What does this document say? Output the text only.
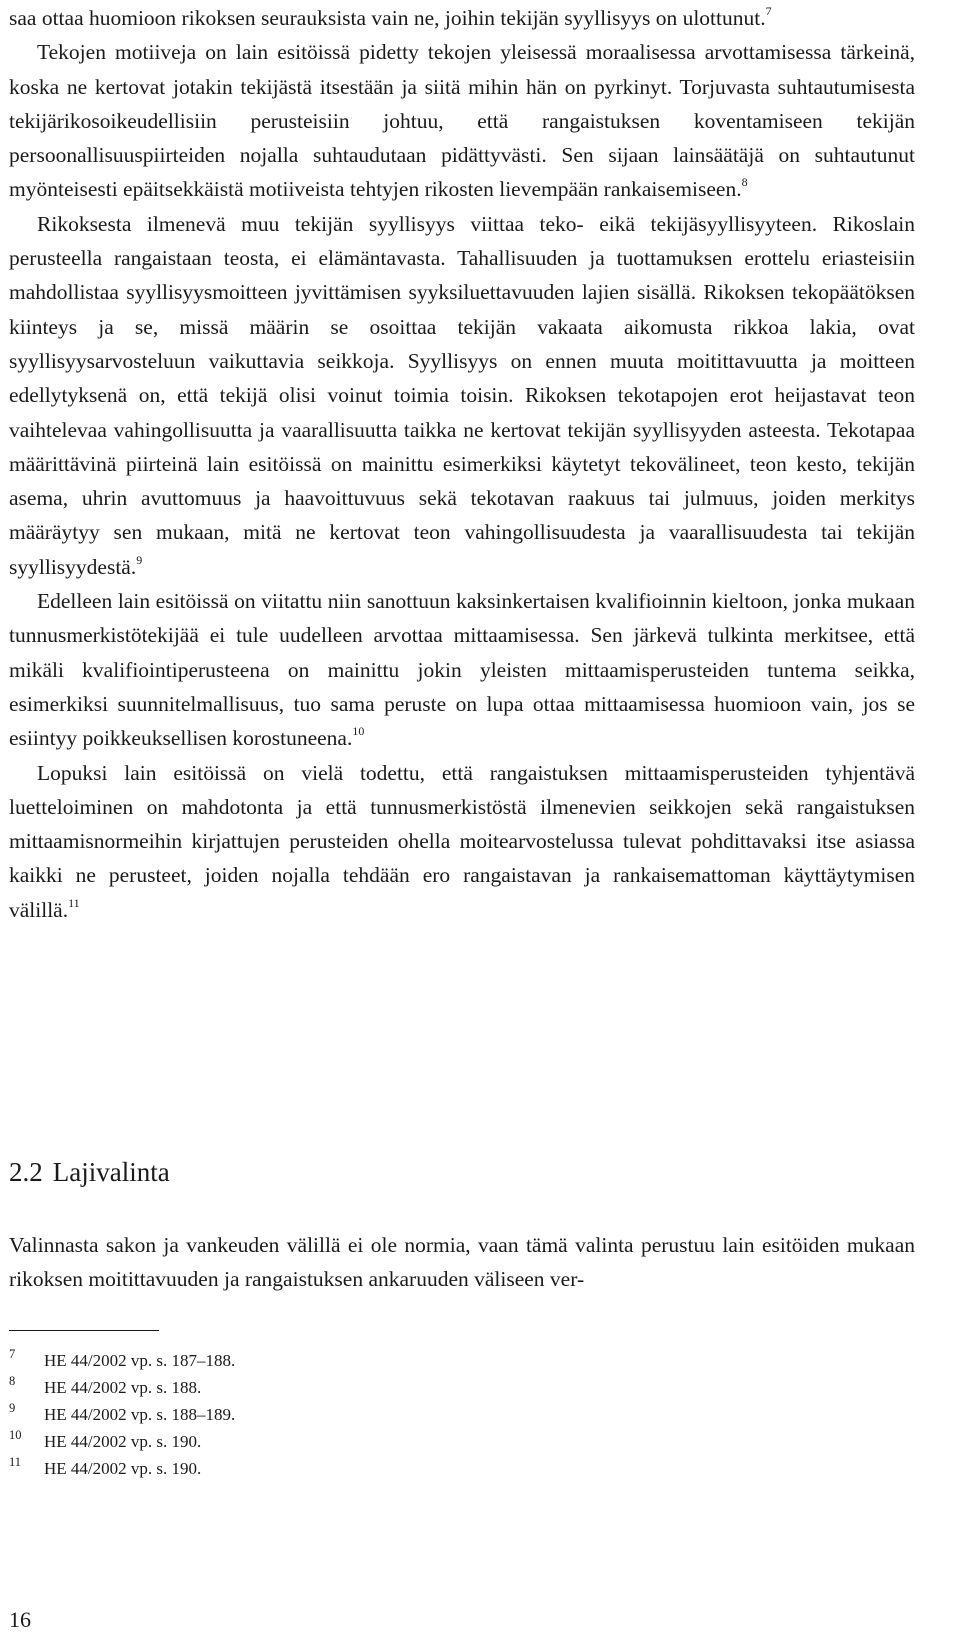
saa ottaa huomioon rikoksen seurauksista vain ne, joihin tekijän syyllisyys on ulottunut.$^7$

Tekojen motiiveja on lain esitöissä pidetty tekojen yleisessä moraalisessa arvottamisessa tärkeinä, koska ne kertovat jotakin tekijästä itsestään ja siitä mihin hän on pyrkinyt. Torjuvasta suhtautumisesta tekijärikosoikeudellisiin perusteisiin johtuu, että rangaistuksen koventamiseen tekijän persoonallisuuspiirteiden nojalla suhtaudutaan pidättyvästi. Sen sijaan lainsäätäjä on suhtautunut myönteisesti epäitsekkäistä motiiveista tehtyjen rikosten lievempään rankaisemiseen.$^8$

Rikoksesta ilmenevä muu tekijän syyllisyys viittaa teko- eikä tekijäsyyllisyyteen. Rikoslain perusteella rangaistaan teosta, ei elämäntavasta. Tahallisuuden ja tuottamuksen erottelu eriasteisiin mahdollistaa syyllisyysmoitteen jyvittämisen syyksiluettavuuden lajien sisällä. Rikoksen tekopäätöksen kiinteys ja se, missä määrin se osoittaa tekijän vakaata aikomusta rikkoa lakia, ovat syyllisyysarvosteluun vaikuttavia seikkoja. Syyllisyys on ennen muuta moitittavuutta ja moitteen edellytyksenä on, että tekijä olisi voinut toimia toisin. Rikoksen tekotapojen erot heijastavat teon vaihtelevaa vahingollisuutta ja vaarallisuutta taikka ne kertovat tekijän syyllisyyden asteesta. Tekotapaa määrittävinä piirteinä lain esitöissä on mainittu esimerkiksi käytetyt tekovälineet, teon kesto, tekijän asema, uhrin avuttomuus ja haavoittuvuus sekä tekotavan raakuus tai julmuus, joiden merkitys määräytyy sen mukaan, mitä ne kertovat teon vahingollisuudesta ja vaarallisuudesta tai tekijän syyllisyydestä.$^9$

Edelleen lain esitöissä on viitattu niin sanottuun kaksinkertaisen kvalifioinnin kieltoon, jonka mukaan tunnusmerkistötekijää ei tule uudelleen arvottaa mittaamisessa. Sen järkevä tulkinta merkitsee, että mikäli kvalifiointiperusteena on mainittu jokin yleisten mittaamisperusteiden tuntema seikka, esimerkiksi suunnitelmallisuus, tuo sama peruste on lupa ottaa mittaamisessa huomioon vain, jos se esiintyy poikkeuksellisen korostuneena.$^{10}$

Lopuksi lain esitöissä on vielä todettu, että rangaistuksen mittaamisperusteiden tyhjentävä luetteloiminen on mahdotonta ja että tunnusmerkistöstä ilmenevien seikkojen sekä rangaistuksen mittaamisnormeihin kirjattujen perusteiden ohella moitearvostelussa tulevat pohdittavaksi itse asiassa kaikki ne perusteet, joiden nojalla tehdään ero rangaistavan ja rankaisemattoman käyttäytymisen välillä.$^{11}$

2.2 Lajivalinta

Valinnasta sakon ja vankeuden välillä ei ole normia, vaan tämä valinta perustuu lain esitöiden mukaan rikoksen moitittavuuden ja rangaistuksen ankaruuden väliseen ver-

7 HE 44/2002 vp. s. 187–188.
8 HE 44/2002 vp. s. 188.
9 HE 44/2002 vp. s. 188–189.
10 HE 44/2002 vp. s. 190.
11 HE 44/2002 vp. s. 190.
16
